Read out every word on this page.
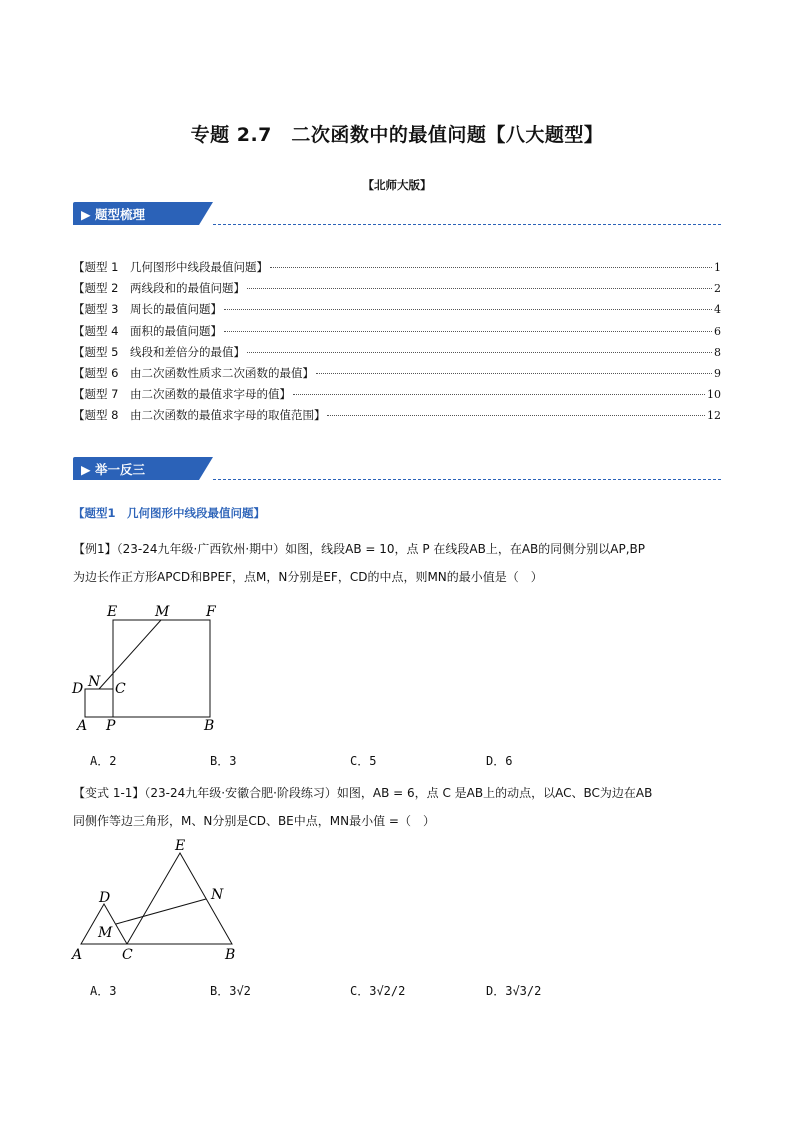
专题 2.7　二次函数中的最值问题【八大题型】
【北师大版】
▶ 题型梳理
【题型 1　几何图形中线段最值问题】	1
【题型 2　两线段和的最值问题】	2
【题型 3　周长的最值问题】	4
【题型 4　面积的最值问题】	6
【题型 5　线段和差倍分的最值】	8
【题型 6　由二次函数性质求二次函数的最值】	9
【题型 7　由二次函数的最值求字母的值】	10
【题型 8　由二次函数的最值求字母的取值范围】	12
▶ 举一反三
【题型1　几何图形中线段最值问题】
【例1】（23-24九年级·广西钦州·期中）如图，线段AB = 10，点 P 在线段AB上，在AB的同侧分别以AP,BP
为边长作正方形APCD和BPEF，点M，N分别是EF，CD的中点，则MN的最小值是（　）
E	M	F
N
D C
A P	B
A．2	B．3	C．5	D．6
【变式 1-1】（23-24九年级·安徽合肥·阶段练习）如图，AB = 6，点 C 是AB上的动点，以AC、BC为边在AB
同侧作等边三角形，M、N分别是CD、BE中点，MN最小值 =（　）
E
D	N
M
A	C	B
A．3	B．3√2	C．3√2/2	D．3√3/2
